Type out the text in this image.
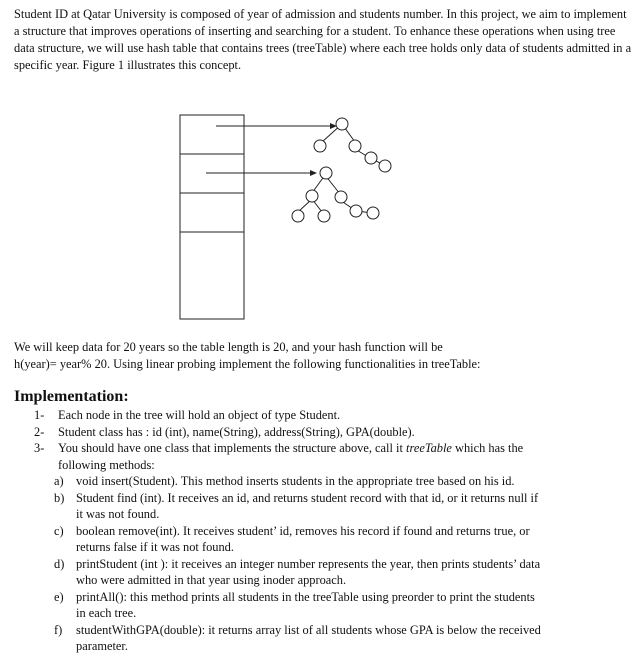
Student ID at Qatar University is composed of year of admission and students number. In this project, we aim to implement a structure that improves operations of inserting and searching for a student. To enhance these operations when using tree data structure, we will use hash table that contains trees (treeTable) where each tree holds only data of students admitted in a specific year. Figure 1 illustrates this concept.

We will keep data for 20 years so the table length is 20, and your hash function will be
h(year)= year% 20. Using linear probing implement the following functionalities in treeTable:

Implementation:
1-	Each node in the tree will hold an object of type Student.
2-	Student class has : id (int), name(String), address(String), GPA(double).
3-	You should have one class that implements the structure above, call it treeTable which has the
following methods:
a) void insert(Student). This method inserts students in the appropriate tree based on his id.
b) Student find (int). It receives an id, and returns student record with that id, or it returns null if
it was not found.
c) boolean remove(int). It receives student’ id, removes his record if found and returns true, or
returns false if it was not found.
d) printStudent (int ): it receives an integer number represents the year, then prints students’ data
who were admitted in that year using inoder approach.
e) printAll(): this method prints all students in the treeTable using preorder to print the students
in each tree.
f)	studentWithGPA(double): it returns array list of all students whose GPA is below the received
parameter.
